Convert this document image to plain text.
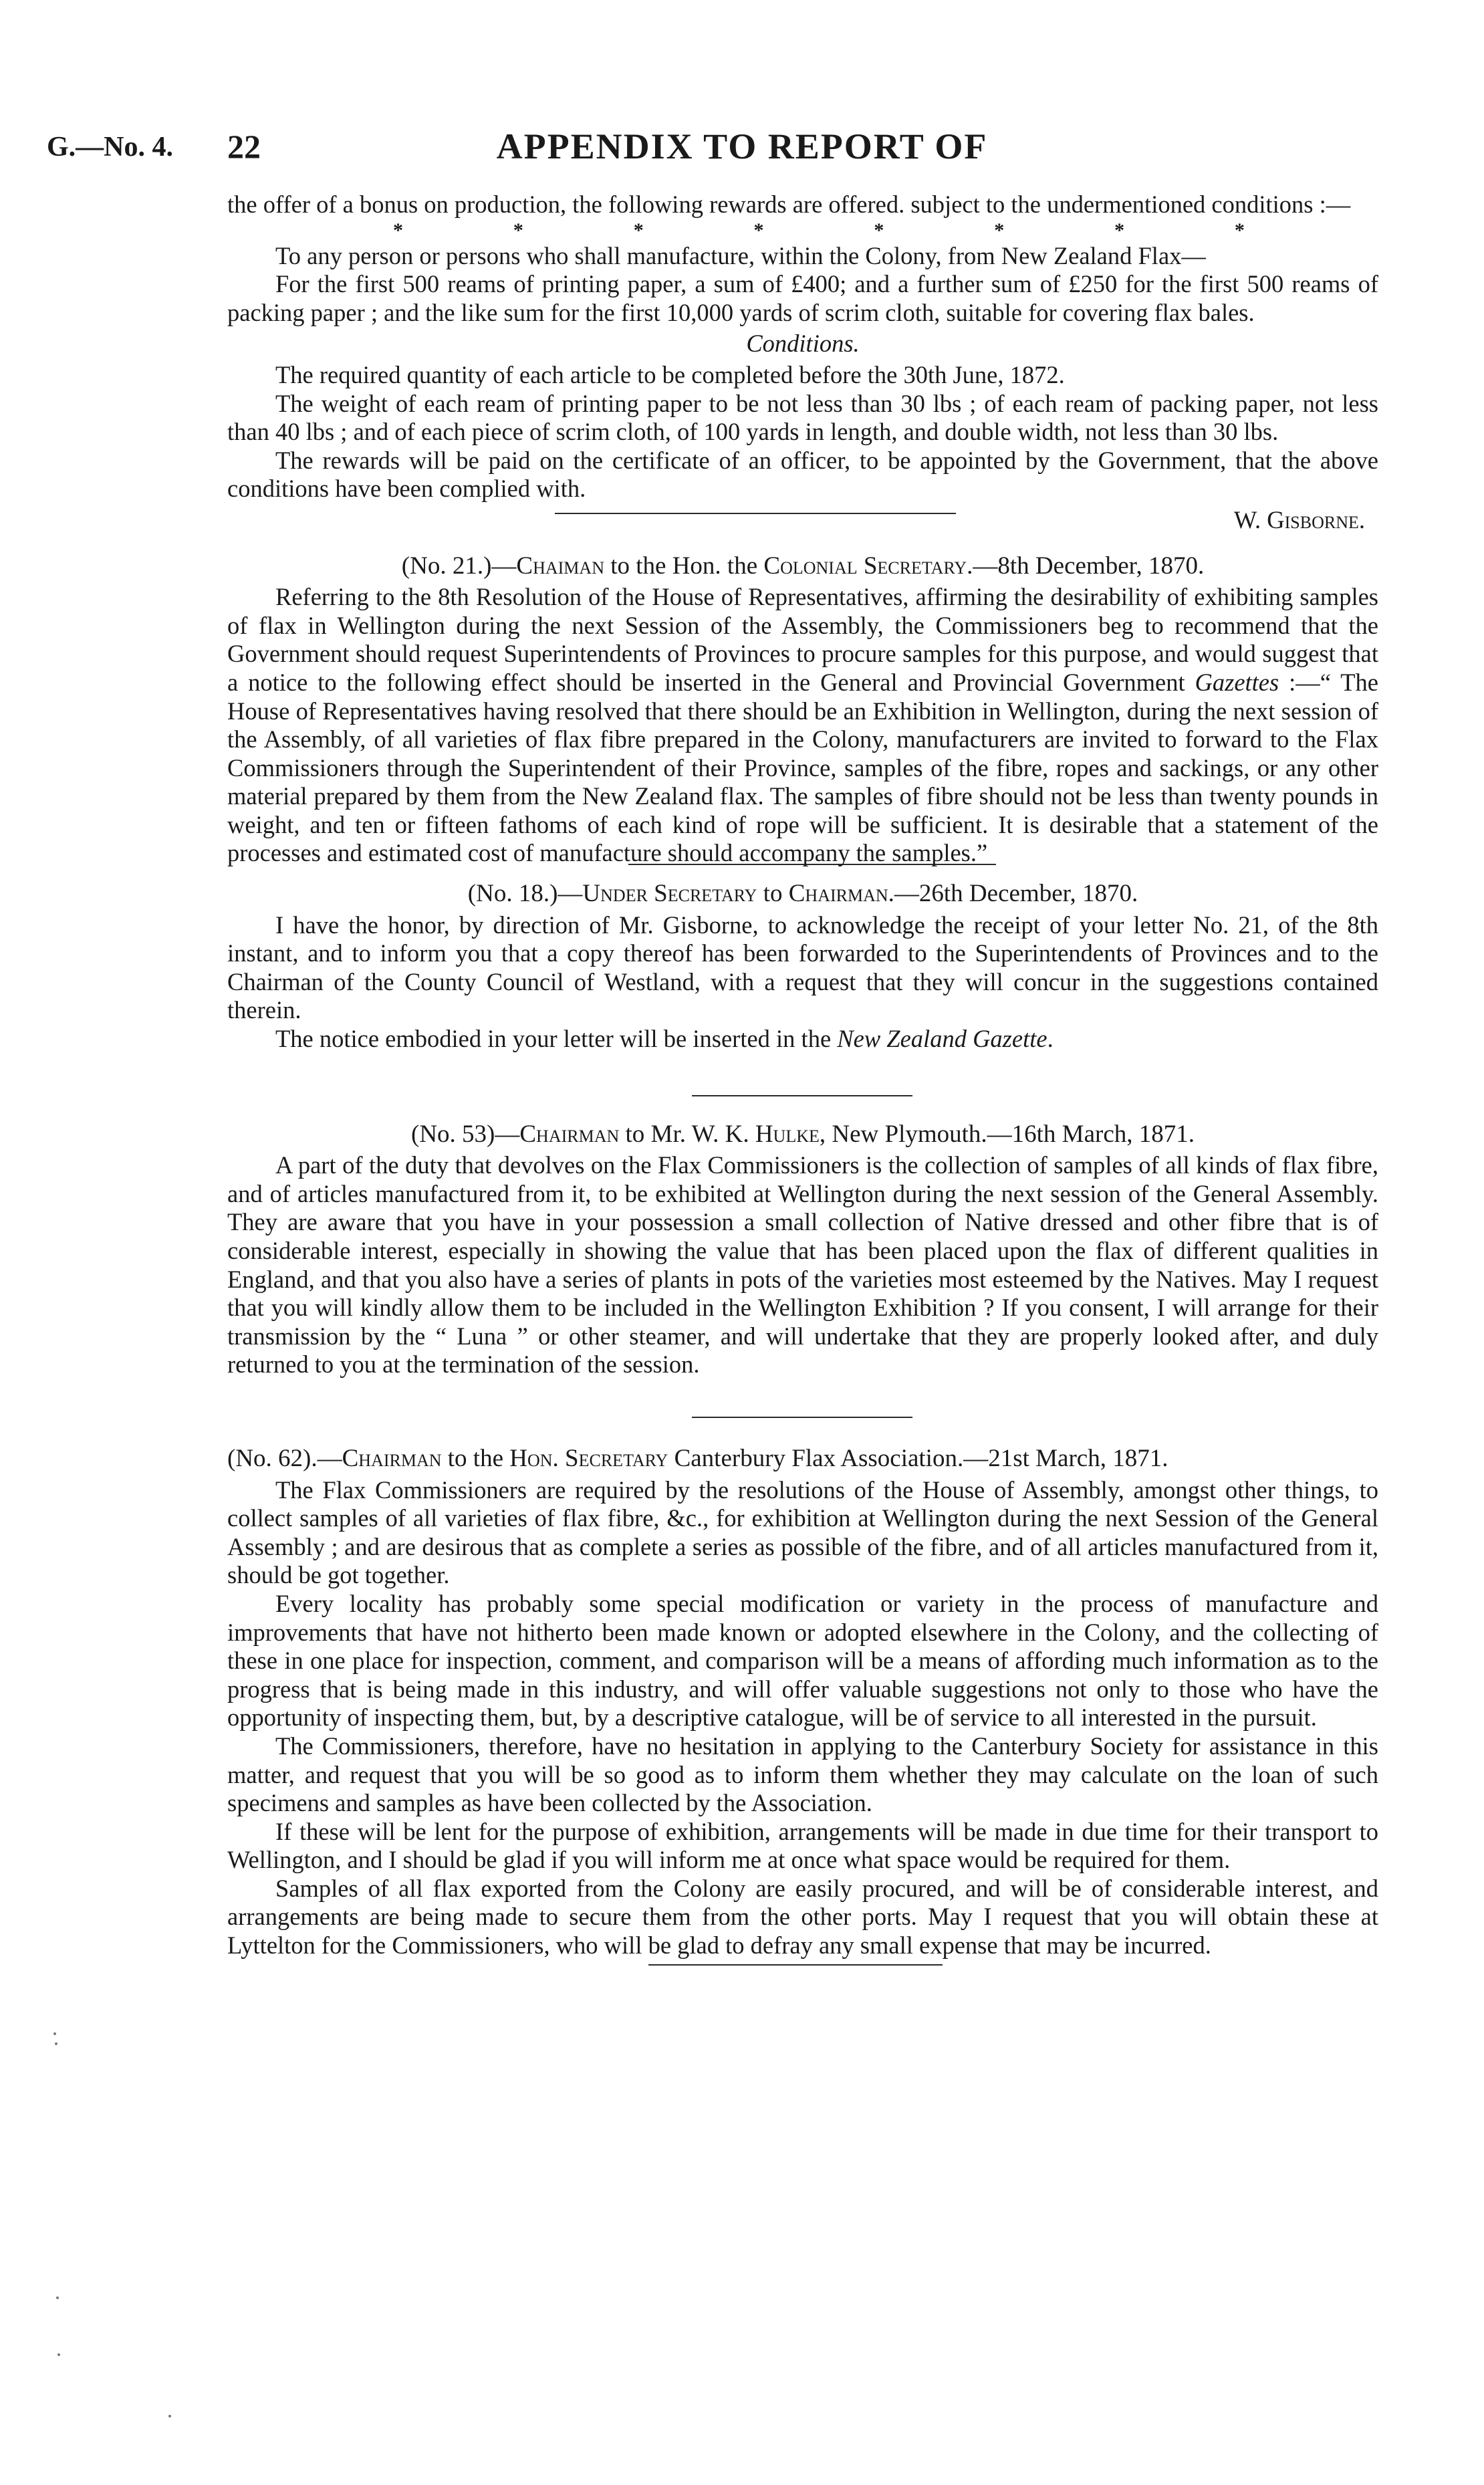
G.—No. 4. 22	APPENDIX TO REPORT OF

the offer of a bonus on production, the following rewards are offered. subject to the undermentioned conditions :—

*	*	*	*	*	*	*	*

To any person or persons who shall manufacture, within the Colony, from New Zealand Flax—

For the first 500 reams of printing paper, a sum of £400; and a further sum of £250 for the first 500 reams of packing paper ; and the like sum for the first 10,000 yards of scrim cloth, suitable for covering flax bales.

Conditions.

The required quantity of each article to be completed before the 30th June, 1872.

The weight of each ream of printing paper to be not less than 30 lbs ; of each ream of packing paper, not less than 40 lbs ; and of each piece of scrim cloth, of 100 yards in length, and double width, not less than 30 lbs.

The rewards will be paid on the certificate of an officer, to be appointed by the Government, that the above conditions have been complied with.

W. Gisborne.

(No. 21.)—Chaiman to the Hon. the Colonial Secretary.—8th December, 1870.

Referring to the 8th Resolution of the House of Representatives, affirming the desirability of exhibiting samples of flax in Wellington during the next Session of the Assembly, the Commissioners beg to recommend that the Government should request Superintendents of Provinces to procure samples for this purpose, and would suggest that a notice to the following effect should be inserted in the General and Provincial Government Gazettes :—“ The House of Representatives having resolved that there should be an Exhibition in Wellington, during the next session of the Assembly, of all varieties of flax fibre prepared in the Colony, manufacturers are invited to forward to the Flax Commissioners through the Superintendent of their Province, samples of the fibre, ropes and sackings, or any other material prepared by them from the New Zealand flax. The samples of fibre should not be less than twenty pounds in weight, and ten or fifteen fathoms of each kind of rope will be sufficient. It is desirable that a statement of the processes and estimated cost of manufacture should accompany the samples.”

(No. 18.)—Under Secretary to Chairman.—26th December, 1870.

I have the honor, by direction of Mr. Gisborne, to acknowledge the receipt of your letter No. 21, of the 8th instant, and to inform you that a copy thereof has been forwarded to the Superintendents of Provinces and to the Chairman of the County Council of Westland, with a request that they will concur in the suggestions contained therein.

The notice embodied in your letter will be inserted in the New Zealand Gazette.

(No. 53)—Chairman to Mr. W. K. Hulke, New Plymouth.—16th March, 1871.

A part of the duty that devolves on the Flax Commissioners is the collection of samples of all kinds of flax fibre, and of articles manufactured from it, to be exhibited at Wellington during the next session of the General Assembly. They are aware that you have in your possession a small collection of Native dressed and other fibre that is of considerable interest, especially in showing the value that has been placed upon the flax of different qualities in England, and that you also have a series of plants in pots of the varieties most esteemed by the Natives. May I request that you will kindly allow them to be included in the Wellington Exhibition ? If you consent, I will arrange for their transmission by the “ Luna ” or other steamer, and will undertake that they are properly looked after, and duly returned to you at the termination of the session.

(No. 62).—Chairman to the Hon. Secretary Canterbury Flax Association.—21st March, 1871.

The Flax Commissioners are required by the resolutions of the House of Assembly, amongst other things, to collect samples of all varieties of flax fibre, &c., for exhibition at Wellington during the next Session of the General Assembly ; and are desirous that as complete a series as possible of the fibre, and of all articles manufactured from it, should be got together.

Every locality has probably some special modification or variety in the process of manufacture and improvements that have not hitherto been made known or adopted elsewhere in the Colony, and the collecting of these in one place for inspection, comment, and comparison will be a means of affording much information as to the progress that is being made in this industry, and will offer valuable suggestions not only to those who have the opportunity of inspecting them, but, by a descriptive catalogue, will be of service to all interested in the pursuit.

The Commissioners, therefore, have no hesitation in applying to the Canterbury Society for assistance in this matter, and request that you will be so good as to inform them whether they may calculate on the loan of such specimens and samples as have been collected by the Association.

If these will be lent for the purpose of exhibition, arrangements will be made in due time for their transport to Wellington, and I should be glad if you will inform me at once what space would be required for them.

Samples of all flax exported from the Colony are easily procured, and will be of considerable interest, and arrangements are being made to secure them from the other ports. May I request that you will obtain these at Lyttelton for the Commissioners, who will be glad to defray any small expense that may be incurred.
